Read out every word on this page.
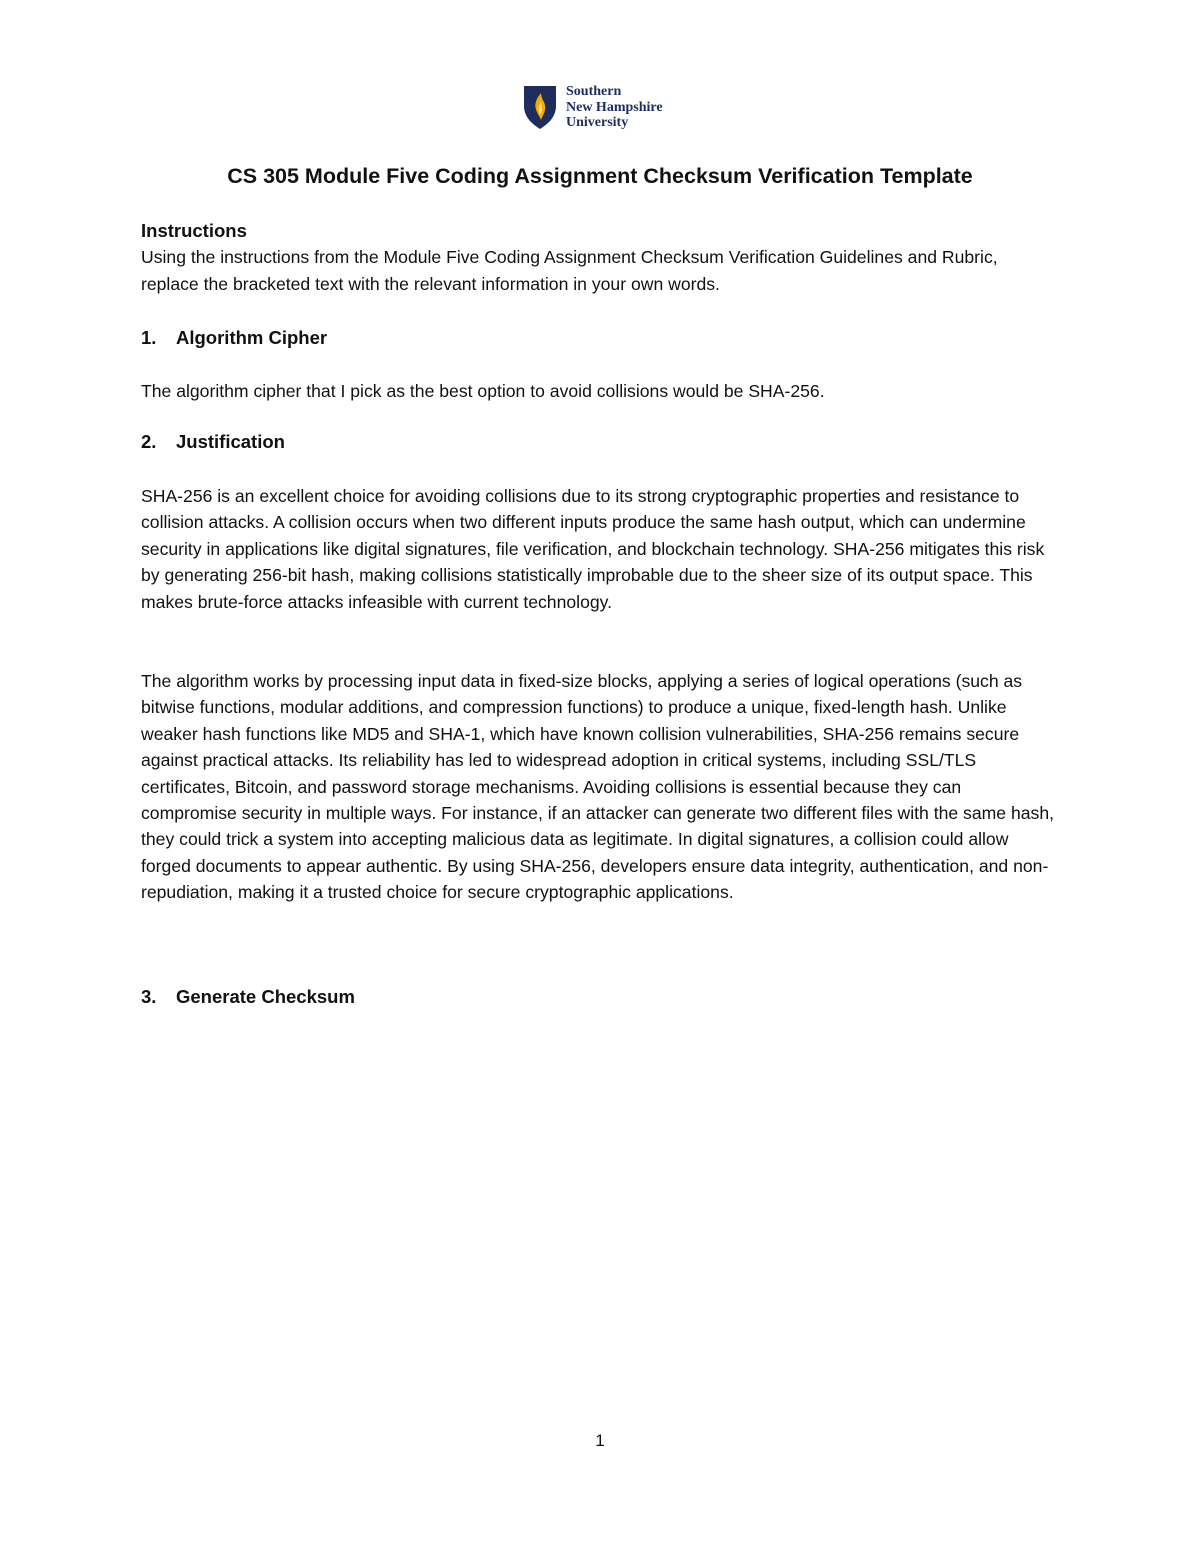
Southern
New Hampshire
University
CS 305 Module Five Coding Assignment Checksum Verification Template

Instructions

Using the instructions from the Module Five Coding Assignment Checksum Verification Guidelines and Rubric, replace the bracketed text with the relevant information in your own words.

1. Algorithm Cipher

The algorithm cipher that I pick as the best option to avoid collisions would be SHA-256.

2. Justification

SHA-256 is an excellent choice for avoiding collisions due to its strong cryptographic properties and resistance to collision attacks. A collision occurs when two different inputs produce the same hash output, which can undermine security in applications like digital signatures, file verification, and blockchain technology. SHA-256 mitigates this risk by generating 256-bit hash, making collisions statistically improbable due to the sheer size of its output space. This makes brute-force attacks infeasible with current technology.

The algorithm works by processing input data in fixed-size blocks, applying a series of logical operations (such as bitwise functions, modular additions, and compression functions) to produce a unique, fixed-length hash. Unlike weaker hash functions like MD5 and SHA-1, which have known collision vulnerabilities, SHA-256 remains secure against practical attacks. Its reliability has led to widespread adoption in critical systems, including SSL/TLS certificates, Bitcoin, and password storage mechanisms. Avoiding collisions is essential because they can compromise security in multiple ways. For instance, if an attacker can generate two different files with the same hash, they could trick a system into accepting malicious data as legitimate. In digital signatures, a collision could allow forged documents to appear authentic. By using SHA-256, developers ensure data integrity, authentication, and non-repudiation, making it a trusted choice for secure cryptographic applications.

3. Generate Checksum
1
